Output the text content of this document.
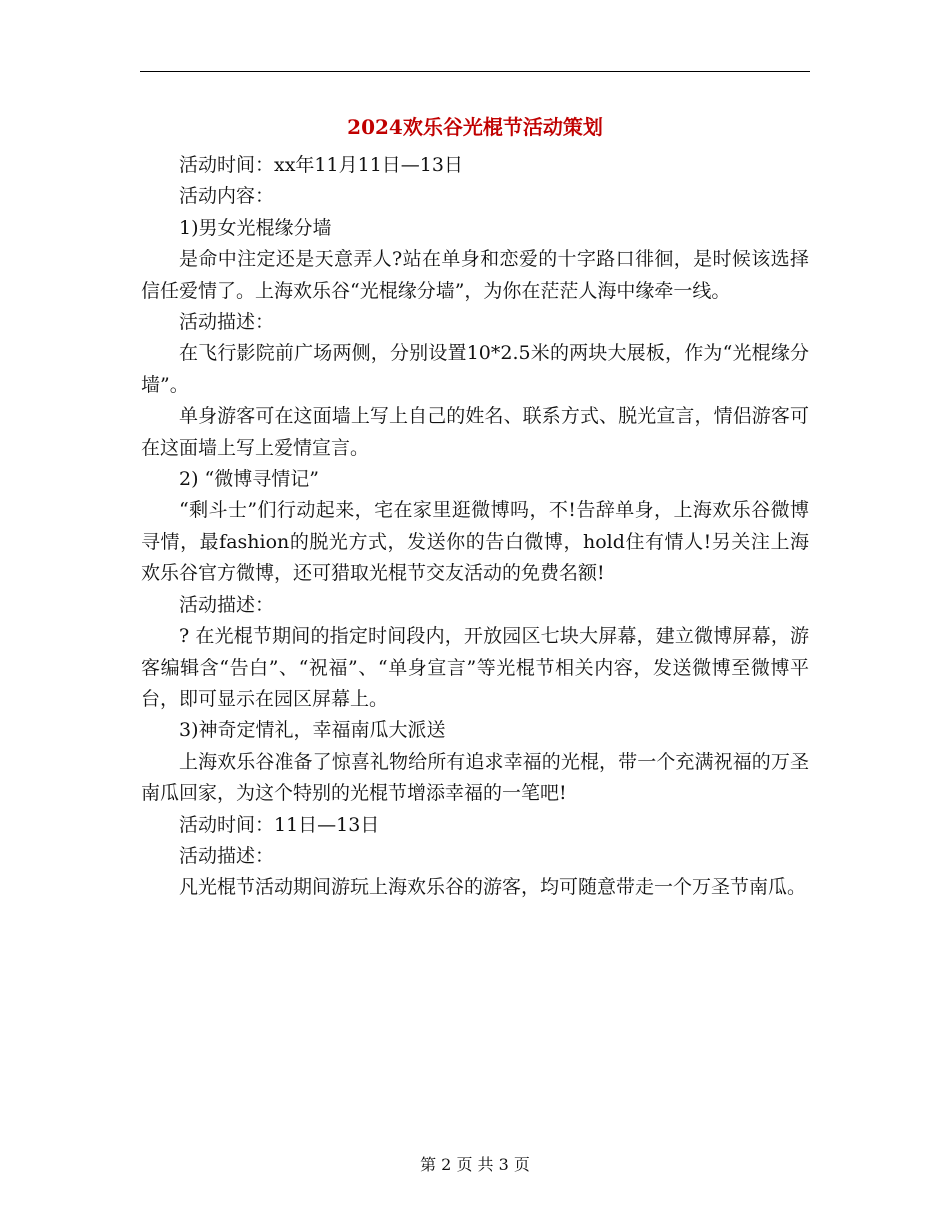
2024欢乐谷光棍节活动策划

活动时间：xx年11月11日—13日

活动内容：

1)男女光棍缘分墙

是命中注定还是天意弄人?站在单身和恋爱的十字路口徘徊，是时候该选择信任爱情了。上海欢乐谷“光棍缘分墙”，为你在茫茫人海中缘牵一线。

活动描述：

在飞行影院前广场两侧，分别设置10*2.5米的两块大展板，作为“光棍缘分墙”。

单身游客可在这面墙上写上自己的姓名、联系方式、脱光宣言，情侣游客可在这面墙上写上爱情宣言。

2) “微博寻情记”

“剩斗士”们行动起来，宅在家里逛微博吗，不!告辞单身，上海欢乐谷微博寻情，最fashion的脱光方式，发送你的告白微博，hold住有情人!另关注上海欢乐谷官方微博，还可猎取光棍节交友活动的免费名额!

活动描述：

? 在光棍节期间的指定时间段内，开放园区七块大屏幕，建立微博屏幕，游客编辑含“告白”、“祝福”、“单身宣言”等光棍节相关内容，发送微博至微博平台，即可显示在园区屏幕上。

3)神奇定情礼，幸福南瓜大派送

上海欢乐谷准备了惊喜礼物给所有追求幸福的光棍，带一个充满祝福的万圣南瓜回家，为这个特别的光棍节增添幸福的一笔吧!

活动时间：11日—13日

活动描述：

凡光棍节活动期间游玩上海欢乐谷的游客，均可随意带走一个万圣节南瓜。

第 2 页 共 3 页
